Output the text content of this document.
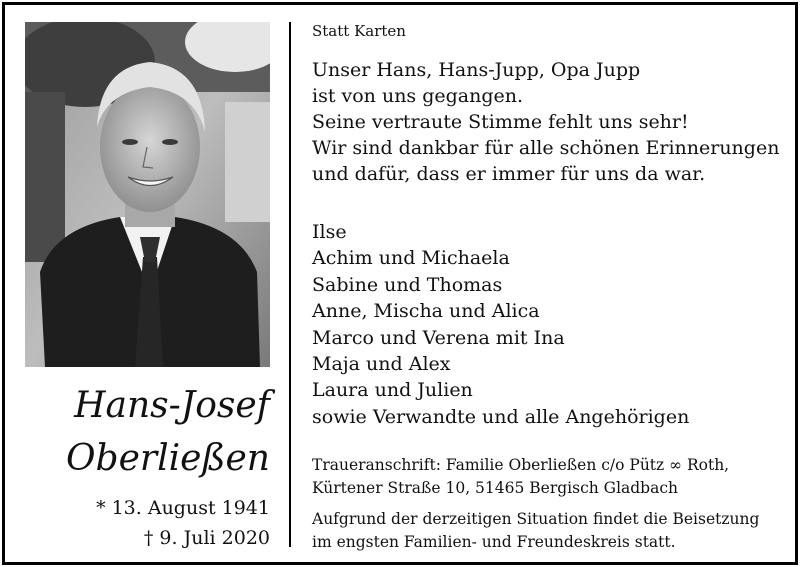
Hans-Josef
Oberließen
* 13. August 1941
† 9. Juli 2020
Statt Karten
Unser Hans, Hans-Jupp, Opa Jupp
ist von uns gegangen.
Seine vertraute Stimme fehlt uns sehr!
Wir sind dankbar für alle schönen Erinnerungen
und dafür, dass er immer für uns da war.
Ilse
Achim und Michaela
Sabine und Thomas
Anne, Mischa und Alica
Marco und Verena mit Ina
Maja und Alex
Laura und Julien
sowie Verwandte und alle Angehörigen
Traueranschrift: Familie Oberließen c/o Pütz ∞ Roth,
Kürtener Straße 10, 51465 Bergisch Gladbach
Aufgrund der derzeitigen Situation findet die Beisetzung
im engsten Familien- und Freundeskreis statt.
